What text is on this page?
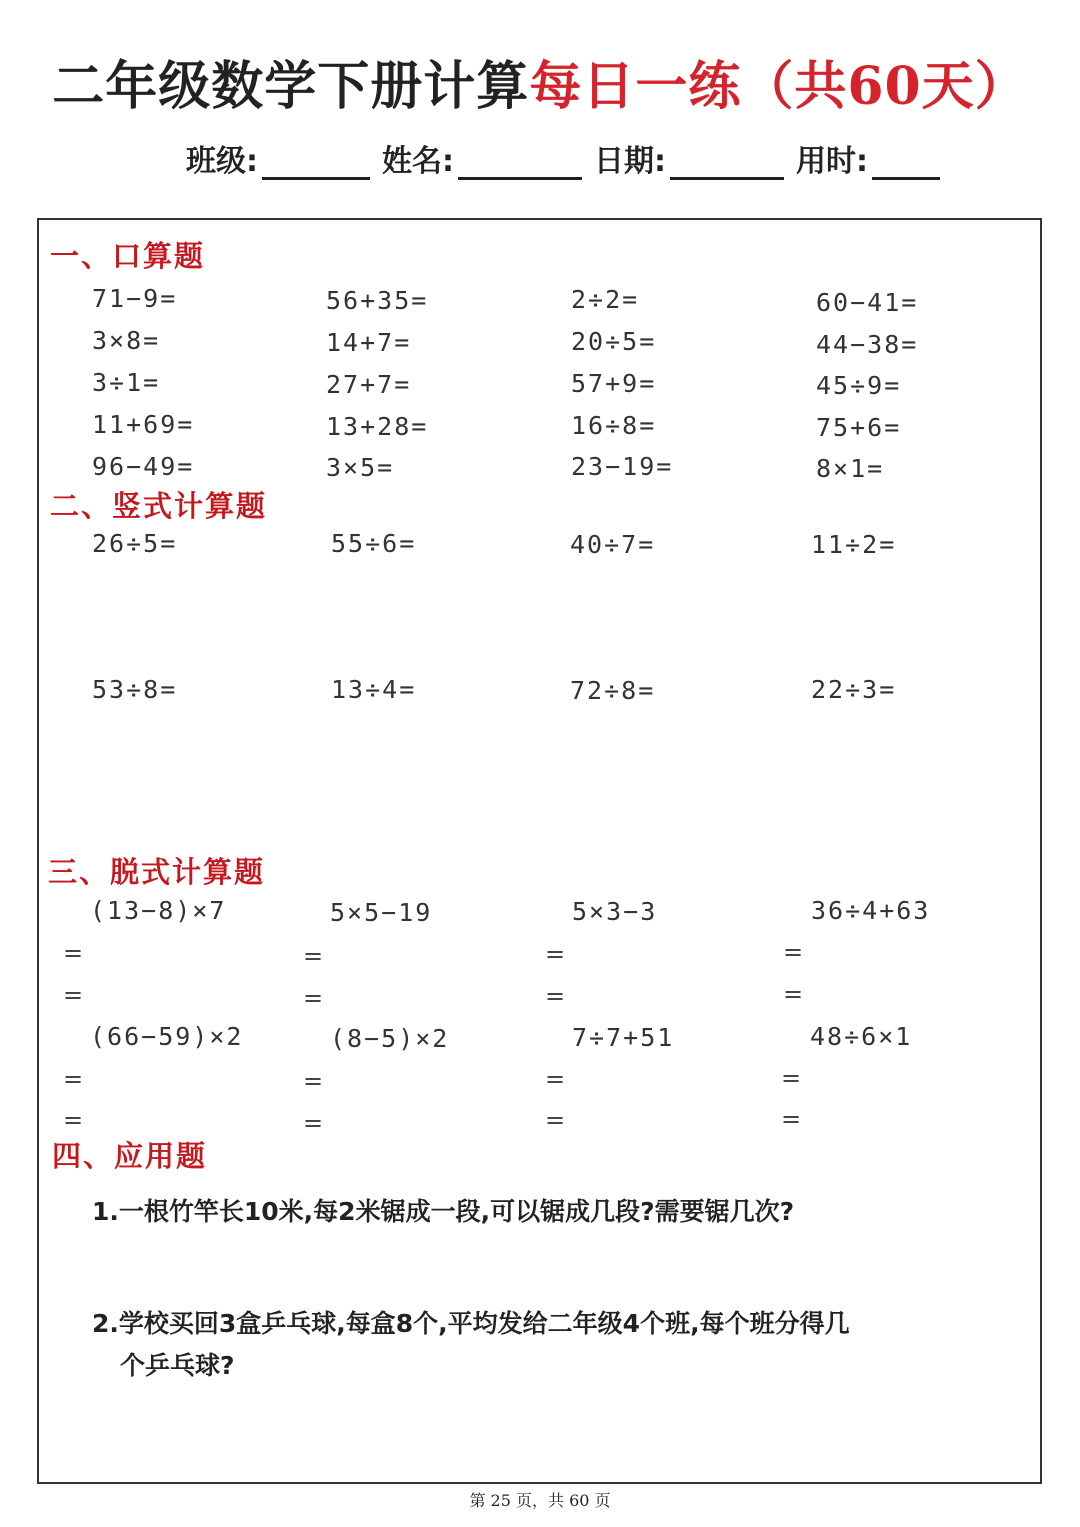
二年级数学下册计算每日一练（共60天）
班级:	姓名:	日期:	用时:
一、口算题
71−9=	56+35=	2÷2=	60−41=
3×8=	14+7=	20÷5=	44−38=
3÷1=	27+7=	57+9=	45÷9=
11+69=	13+28=	16÷8=	75+6=
96−49=	3×5=	23−19=	8×1=
二、竖式计算题
26÷5=	55÷6=	40÷7=	11÷2=
53÷8=	13÷4=	72÷8=	22÷3=
三、脱式计算题
(13−8)×7	5×5−19	5×3−3	36÷4+63
=	=	=	=
=	=	=	=
(66−59)×2	(8−5)×2	7÷7+51	48÷6×1
=	=	=	=
=	=	=	=
四、应用题
1.一根竹竿长10米,每2米锯成一段,可以锯成几段?需要锯几次?
2.学校买回3盒乒乓球,每盒8个,平均发给二年级4个班,每个班分得几
个乒乓球?
第 25 页，共 60 页
